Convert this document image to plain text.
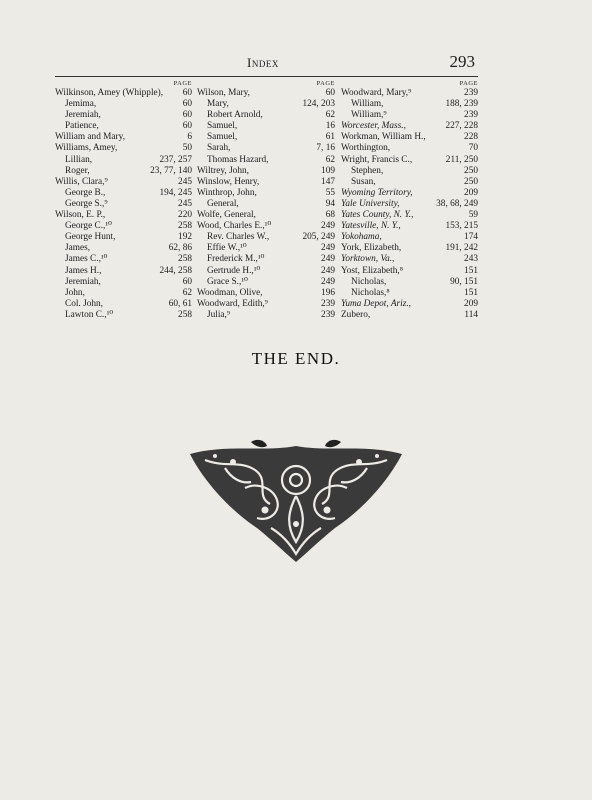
Index	293
PAGE
Wilkinson, Amey (Whipple), 60
Jemima,	60
Jeremiah,	60
Patience,	60
William and Mary,	6
Williams, Amey,	50
Lillian,	237, 257
Roger,	23, 77, 140
Willis, Clara,⁹	245
George B.,	194, 245
George S.,⁹	245
Wilson, E. P.,	220
George C.,¹⁰	258
George Hunt,	192
James,	62, 86
James C.,¹⁰	258
James H.,	244, 258
Jeremiah,	60
John,	62
Col. John,	60, 61
Lawton C.,¹⁰	258
PAGE
Wilson, Mary,	60
Mary,	124, 203
Robert Arnold,	62
Samuel,	16
Samuel,	61
Sarah,	7, 16
Thomas Hazard,	62
Wiltrey, John,	109
Winslow, Henry,	147
Winthrop, John,	55
General,	94
Wolfe, General,	68
Wood, Charles E.,¹⁰	249
Rev. Charles W.,	205, 249
Effie W.,¹⁰	249
Frederick M.,¹⁰	249
Gertrude H.,¹⁰	249
Grace S.,¹⁰	249
Woodman, Olive,	196
Woodward, Edith,⁹	239
Julia,⁹	239
PAGE
Woodward, Mary,⁹	239
William,	188, 239
William,⁹	239
Worcester, Mass.,	227, 228
Workman, William H.,	228
Worthington,	70
Wright, Francis C.,	211, 250
Stephen,	250
Susan,	250
Wyoming Territory,	209
Yale University,	38, 68, 249
Yates County, N. Y.,	59
Yatesville, N. Y.,	153, 215
Yokohama,	174
York, Elizabeth,	191, 242
Yorktown, Va.,	243
Yost, Elizabeth,⁸	151
Nicholas,	90, 151
Nicholas,⁸	151
Yuma Depot, Ariz.,	209
Zubero,	114
THE END.
